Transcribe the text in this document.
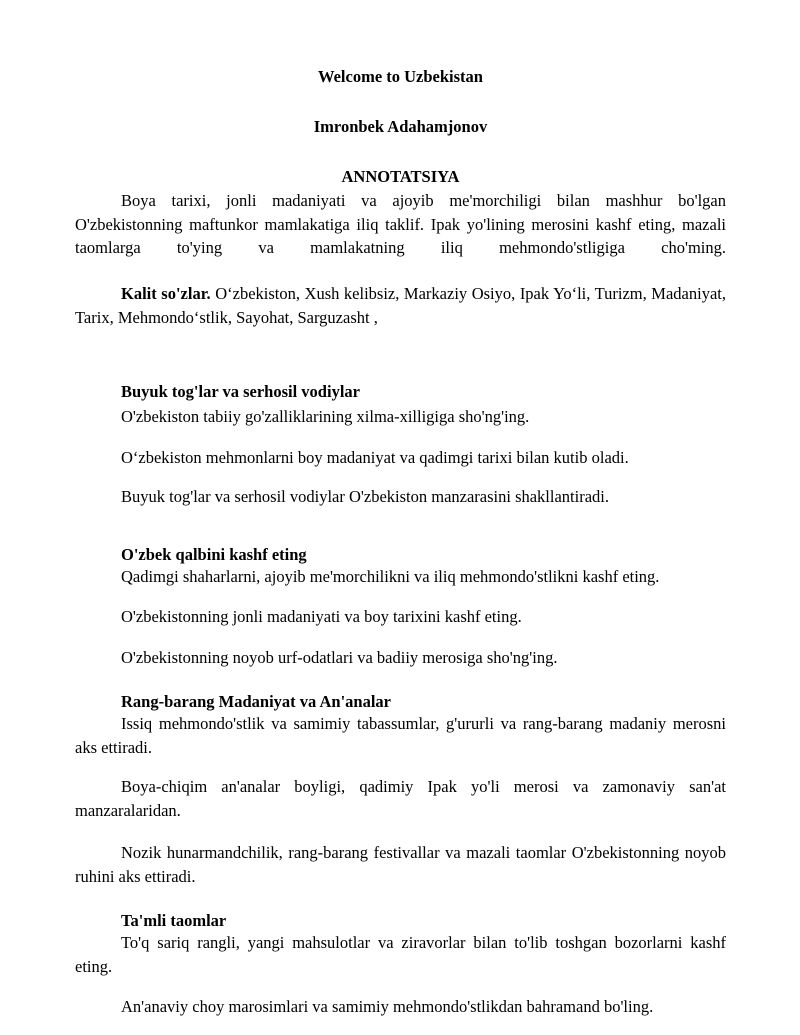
Welcome to Uzbekistan

Imronbek Adahamjonov

ANNOTATSIYA

Boya tarixi, jonli madaniyati va ajoyib me'morchiligi bilan mashhur bo'lgan O'zbekistonning maftunkor mamlakatiga iliq taklif. Ipak yo'lining merosini kashf eting, mazali taomlarga to'ying va mamlakatning iliq mehmondo'stligiga cho'ming.

Kalit so'zlar. O‘zbekiston, Xush kelibsiz, Markaziy Osiyo, Ipak Yo‘li, Turizm, Madaniyat, Tarix, Mehmondo‘stlik, Sayohat, Sarguzasht ,

Buyuk tog'lar va serhosil vodiylar

O'zbekiston tabiiy go'zalliklarining xilma-xilligiga sho'ng'ing.

O‘zbekiston mehmonlarni boy madaniyat va qadimgi tarixi bilan kutib oladi.

Buyuk tog'lar va serhosil vodiylar O'zbekiston manzarasini shakllantiradi.

O'zbek qalbini kashf eting

Qadimgi shaharlarni, ajoyib me'morchilikni va iliq mehmondo'stlikni kashf eting.

O'zbekistonning jonli madaniyati va boy tarixini kashf eting.

O'zbekistonning noyob urf-odatlari va badiiy merosiga sho'ng'ing.

Rang-barang Madaniyat va An'analar

Issiq mehmondo'stlik va samimiy tabassumlar, g'ururli va rang-barang madaniy merosni aks ettiradi.

Boya-chiqim an'analar boyligi, qadimiy Ipak yo'li merosi va zamonaviy san'at manzaralaridan.

Nozik hunarmandchilik, rang-barang festivallar va mazali taomlar O'zbekistonning noyob ruhini aks ettiradi.

Ta'mli taomlar

To'q sariq rangli, yangi mahsulotlar va ziravorlar bilan to'lib toshgan bozorlarni kashf eting.

An'anaviy choy marosimlari va samimiy mehmondo'stlikdan bahramand bo'ling.
